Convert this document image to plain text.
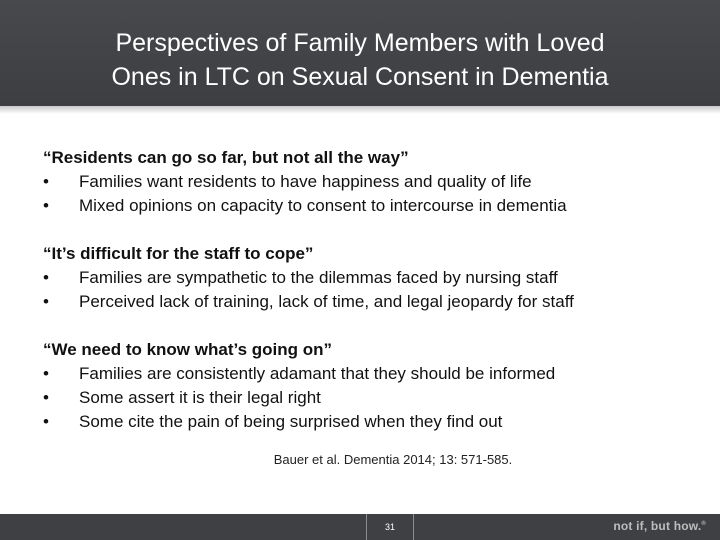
Perspectives of Family Members with Loved
Ones in LTC on Sexual Consent in Dementia
“Residents can go so far, but not all the way”
•	Families want residents to have happiness and quality of life
•	Mixed opinions on capacity to consent to intercourse in dementia
“It’s difficult for the staff to cope”
•	Families are sympathetic to the dilemmas faced by nursing staff
•	Perceived lack of training, lack of time, and legal jeopardy for staff
“We need to know what’s going on”
•	Families are consistently adamant that they should be informed
•	Some assert it is their legal right
•	Some cite the pain of being surprised when they find out
Bauer et al. Dementia 2014; 13: 571-585.
31	not if, but how.®
